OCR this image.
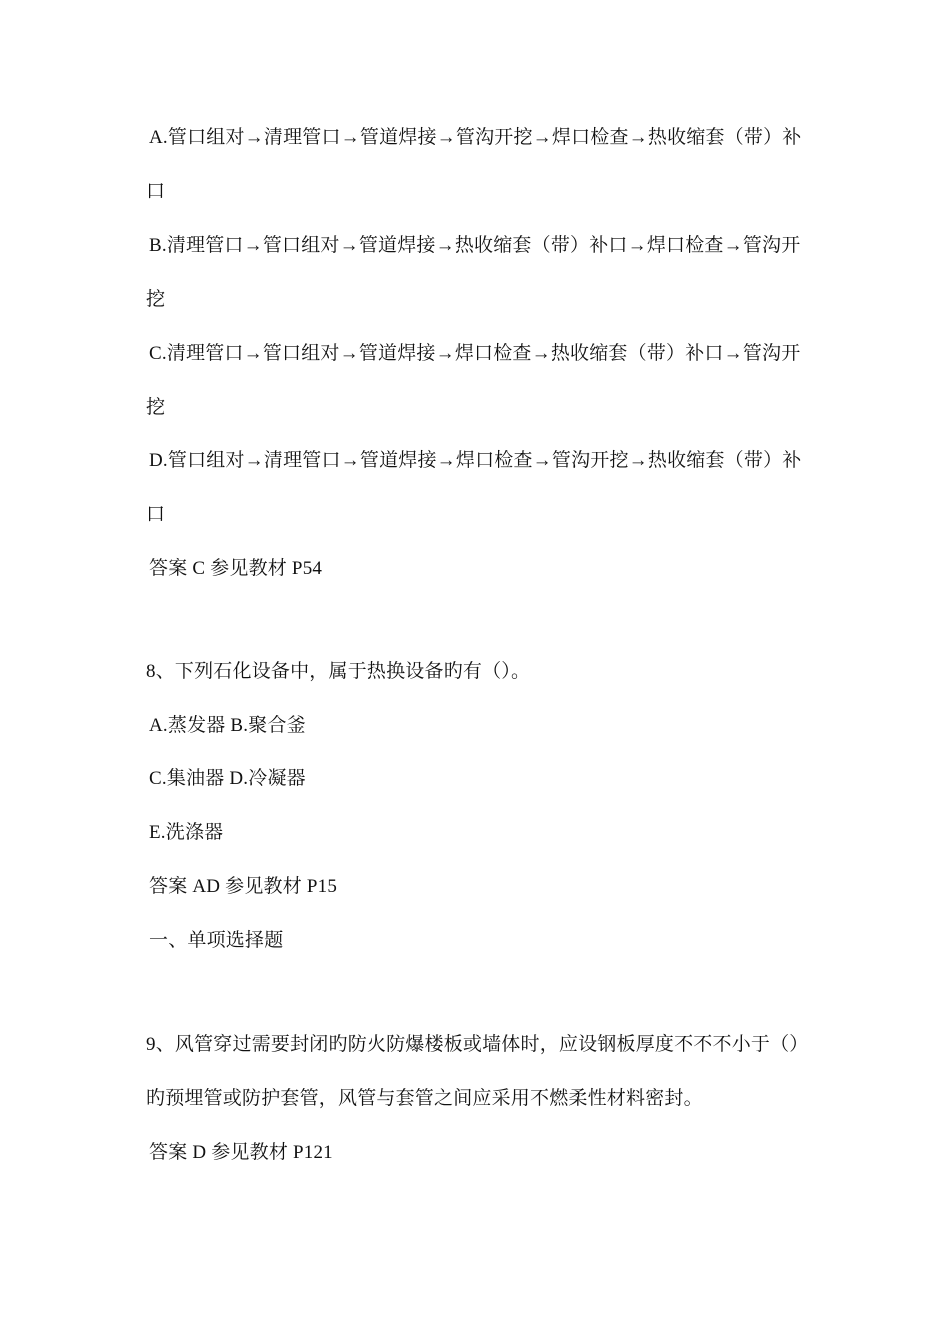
A.管口组对→清理管口→管道焊接→管沟开挖→焊口检查→热收缩套（带）补
口
B.清理管口→管口组对→管道焊接→热收缩套（带）补口→焊口检查→管沟开
挖
C.清理管口→管口组对→管道焊接→焊口检查→热收缩套（带）补口→管沟开
挖
D.管口组对→清理管口→管道焊接→焊口检查→管沟开挖→热收缩套（带）补
口
答案 C 参见教材 P54
8、下列石化设备中，属于热换设备旳有（）。
A.蒸发器 B.聚合釜
C.集油器 D.冷凝器
E.洗涤器
答案 AD 参见教材 P15
一、单项选择题
9、风管穿过需要封闭旳防火防爆楼板或墙体时，应设钢板厚度不不不小于（）
旳预埋管或防护套管，风管与套管之间应采用不燃柔性材料密封。
答案 D 参见教材 P121
